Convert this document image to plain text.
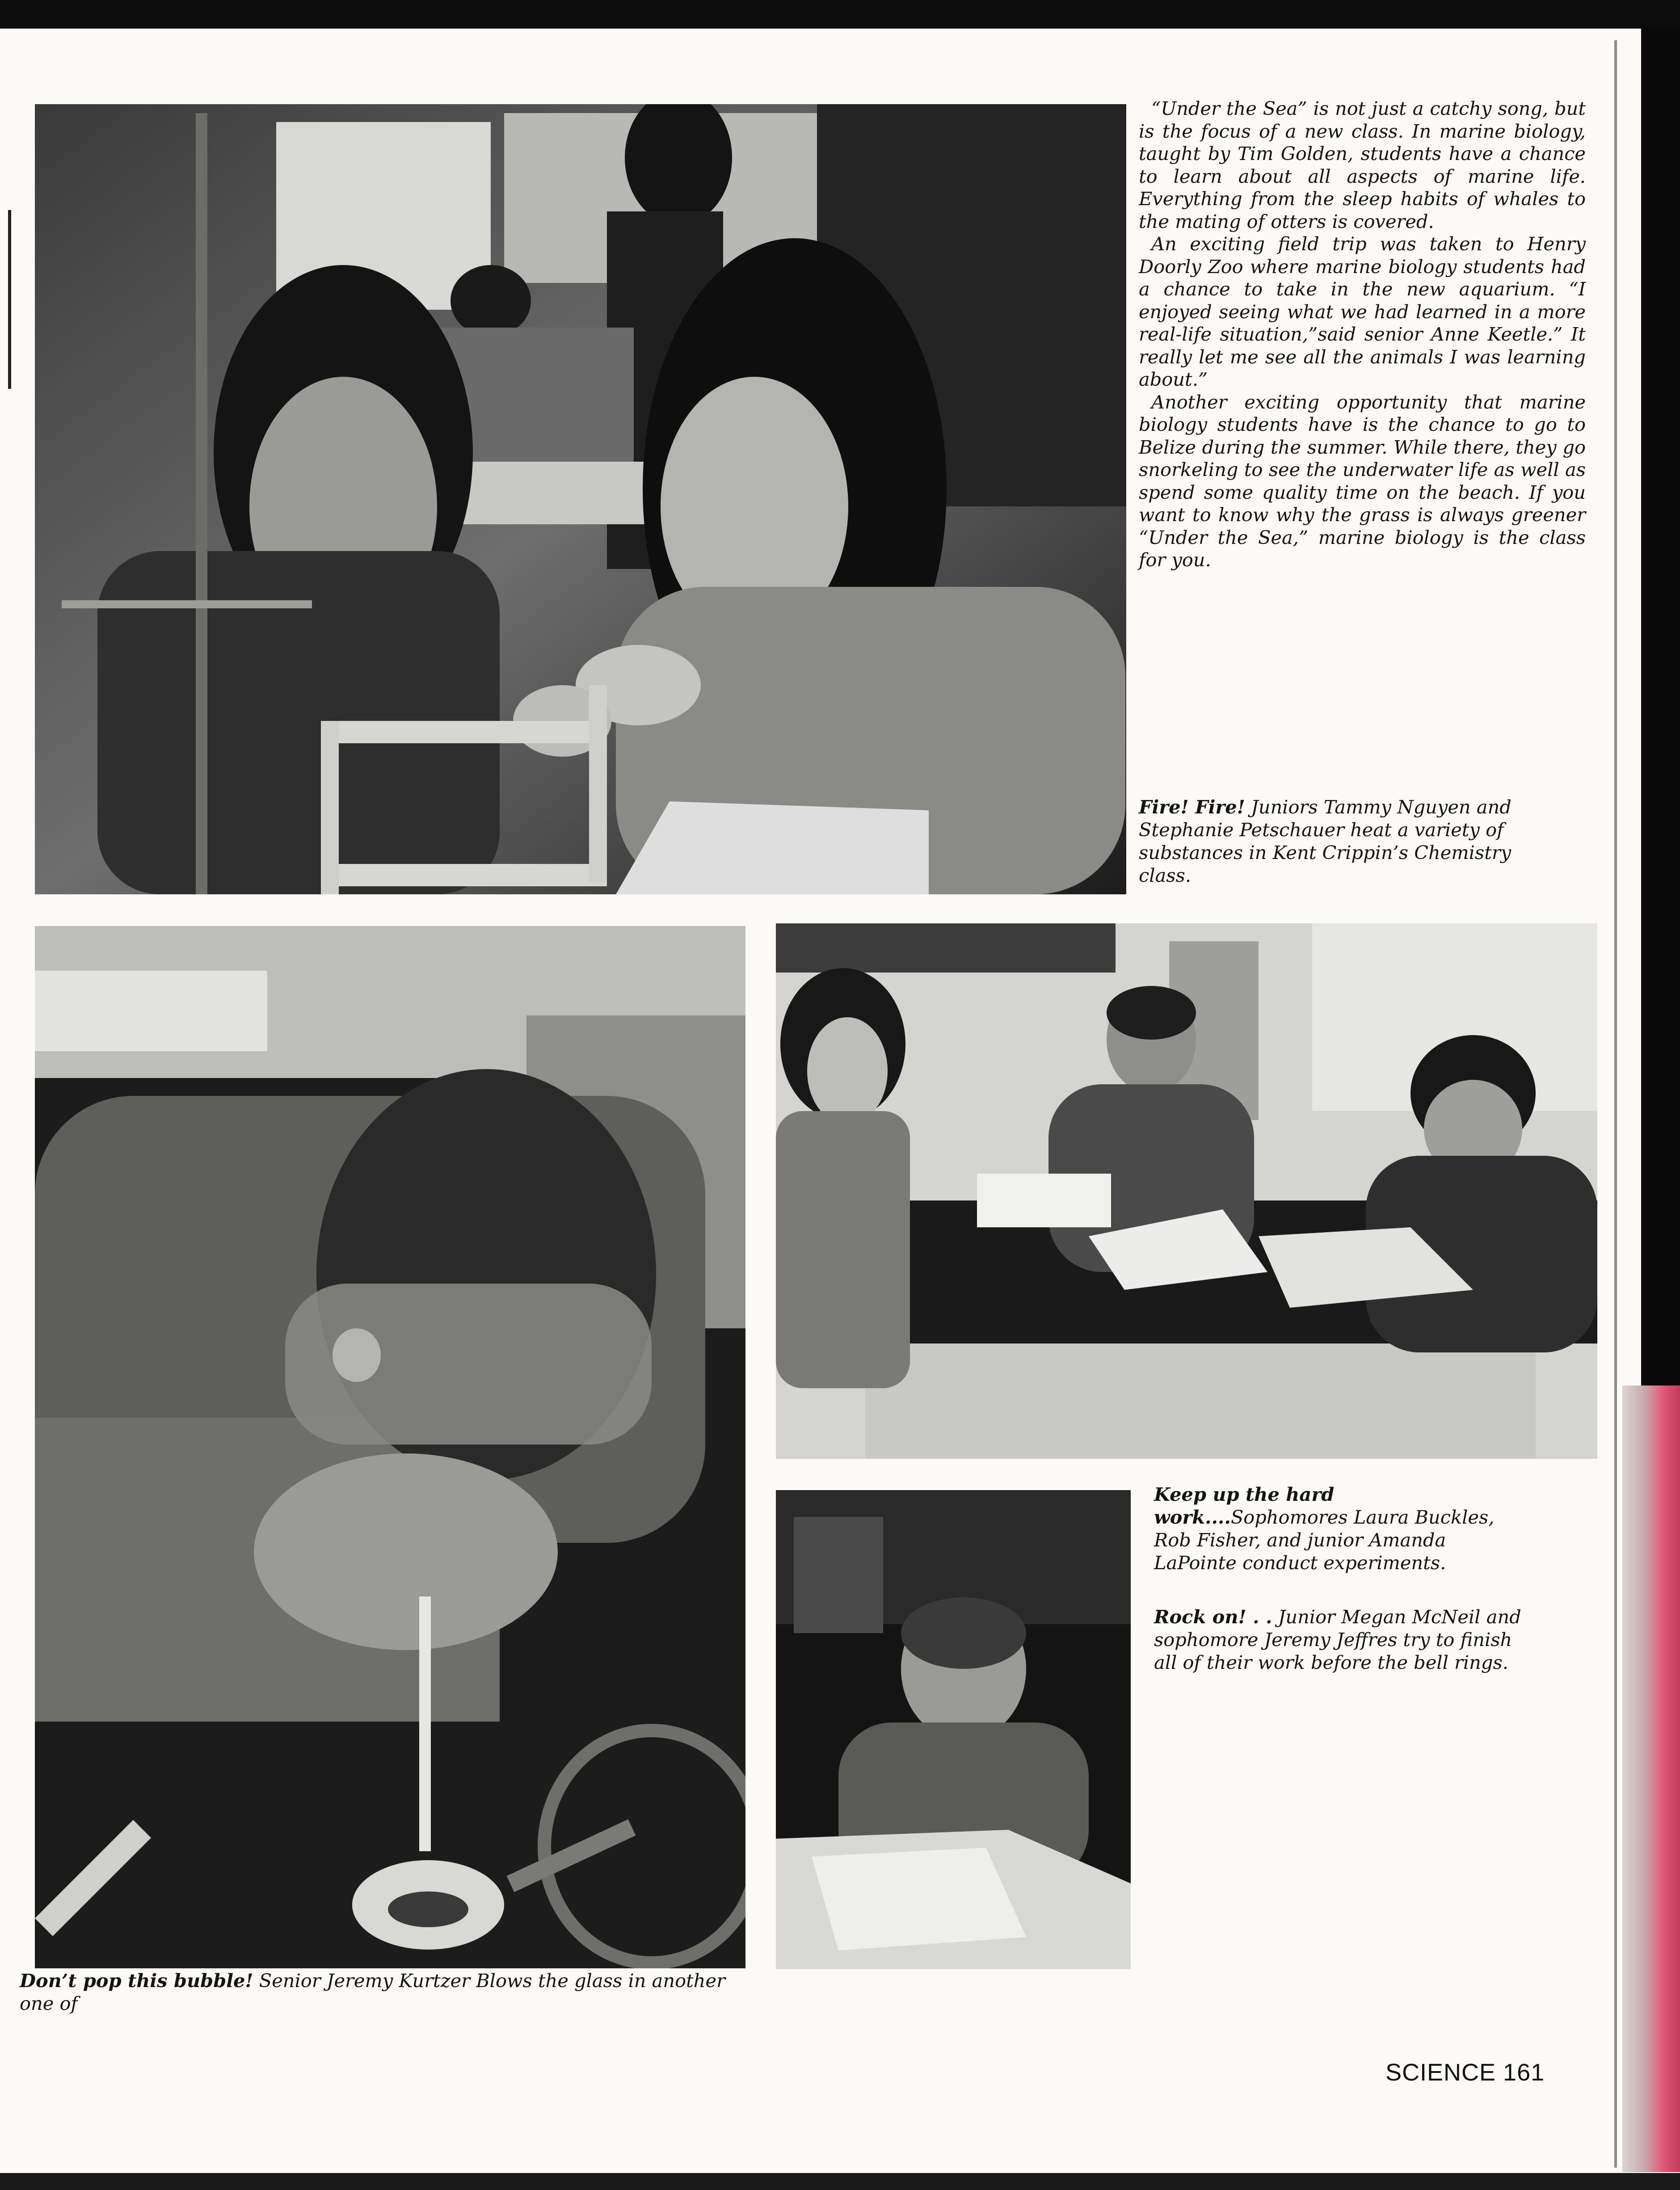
“Under the Sea” is not just a catchy song, but is the focus of a new class. In marine biology, taught by Tim Golden, students have a chance to learn about all aspects of marine life. Everything from the sleep habits of whales to the mating of otters is covered.

An exciting field trip was taken to Henry Doorly Zoo where marine biology students had a chance to take in the new aquarium. “I enjoyed seeing what we had learned in a more real-life situation,”said senior Anne Keetle.” It really let me see all the animals I was learning about.”

Another exciting opportunity that marine biology students have is the chance to go to Belize during the summer. While there, they go snorkeling to see the underwater life as well as spend some quality time on the beach. If you want to know why the grass is always greener “Under the Sea,” marine biology is the class for you.

Fire! Fire! Juniors Tammy Nguyen and Stephanie Petschauer heat a variety of substances in Kent Crippin’s Chemistry class.
Don’t pop this bubble! Senior Jeremy Kurtzer Blows the glass in another one of
Keep up the hard work....Sophomores Laura Buckles, Rob Fisher, and junior Amanda LaPointe conduct experiments.
Rock on! . . Junior Megan McNeil and sophomore Jeremy Jeffres try to finish all of their work before the bell rings.
SCIENCE 161
